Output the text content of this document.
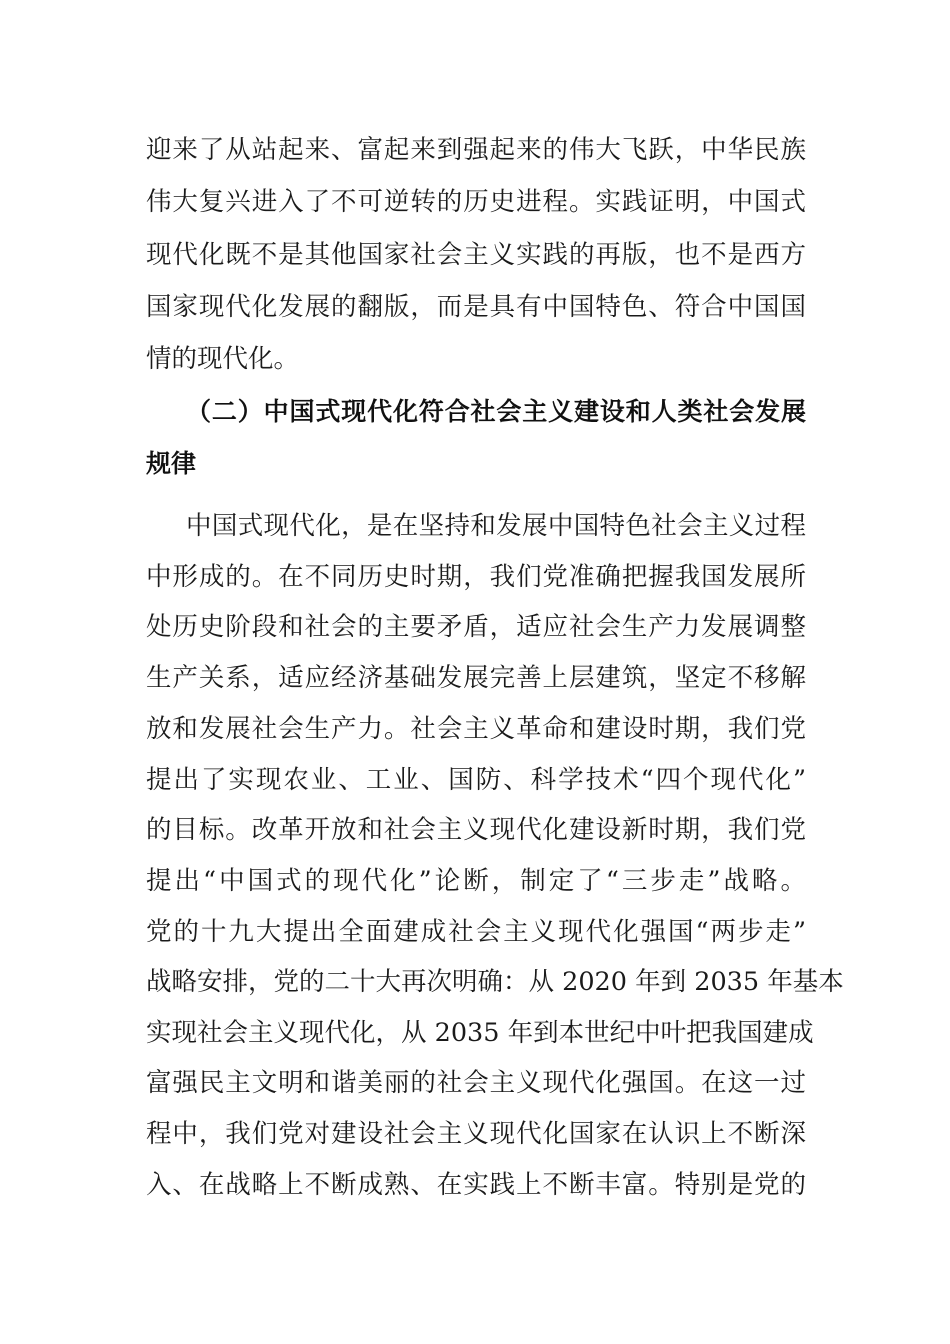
迎来了从站起来、富起来到强起来的伟大飞跃，中华民族
伟大复兴进入了不可逆转的历史进程。实践证明，中国式
现代化既不是其他国家社会主义实践的再版，也不是西方
国家现代化发展的翻版，而是具有中国特色、符合中国国
情的现代化。
（二）中国式现代化符合社会主义建设和人类社会发展
规律
中国式现代化，是在坚持和发展中国特色社会主义过程
中形成的。在不同历史时期，我们党准确把握我国发展所
处历史阶段和社会的主要矛盾，适应社会生产力发展调整
生产关系，适应经济基础发展完善上层建筑，坚定不移解
放和发展社会生产力。社会主义革命和建设时期，我们党
提出了实现农业、工业、国防、科学技术“四个现代化”
的目标。改革开放和社会主义现代化建设新时期，我们党
提出“中国式的现代化”论断，制定了“三步走”战略。
党的十九大提出全面建成社会主义现代化强国“两步走”
战略安排，党的二十大再次明确：从 2020 年到 2035 年基本
实现社会主义现代化，从 2035 年到本世纪中叶把我国建成
富强民主文明和谐美丽的社会主义现代化强国。在这一过
程中，我们党对建设社会主义现代化国家在认识上不断深
入、在战略上不断成熟、在实践上不断丰富。特别是党的
